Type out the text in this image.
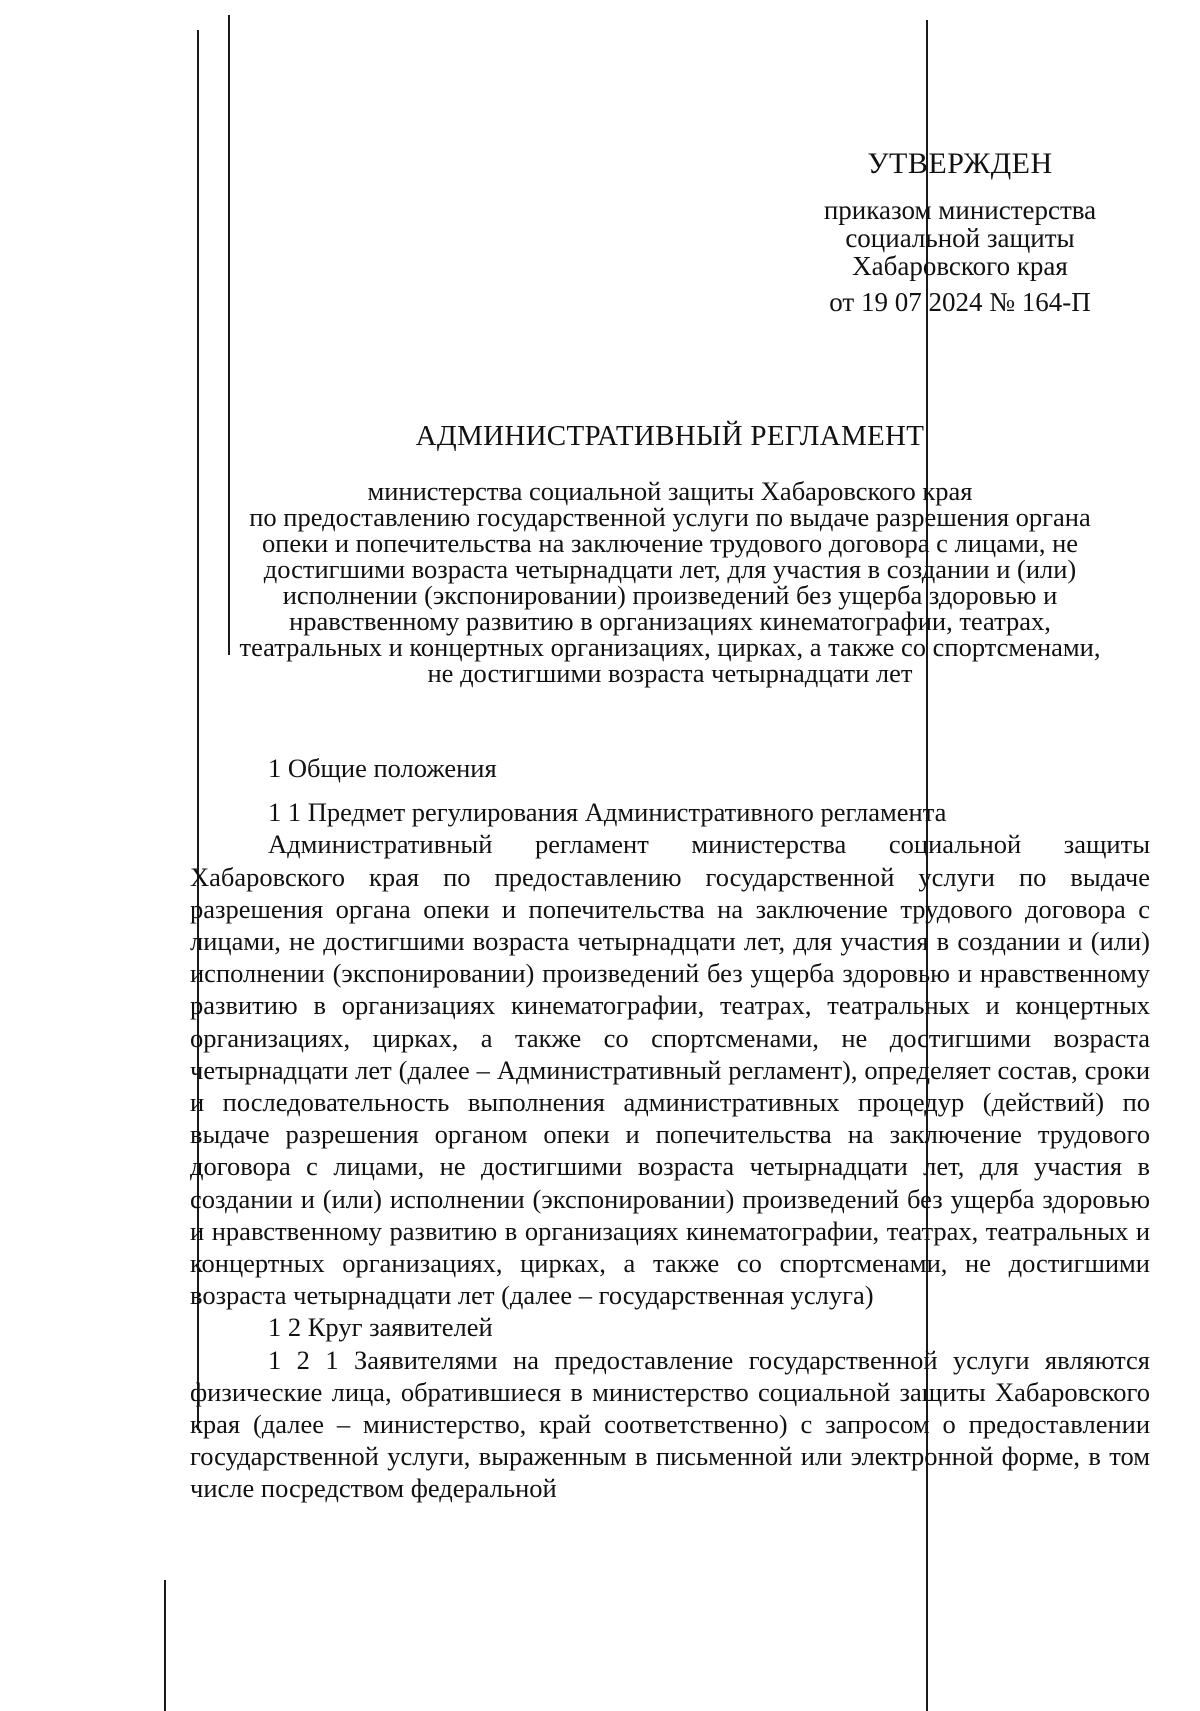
УТВЕРЖДЕН
приказом министерства
социальной защиты
Хабаровского края
от 19 07 2024 № 164-П
АДМИНИСТРАТИВНЫЙ РЕГЛАМЕНТ
министерства социальной защиты Хабаровского края
по предоставлению государственной услуги по выдаче разрешения органа
опеки и попечительства на заключение трудового договора с лицами, не
достигшими возраста четырнадцати лет, для участия в создании и (или)
исполнении (экспонировании) произведений без ущерба здоровью и
нравственному развитию в организациях кинематографии, театрах,
театральных и концертных организациях, цирках, а также со спортсменами,
не достигшими возраста четырнадцати лет

1 Общие положения

1 1 Предмет регулирования Административного регламента

Административный регламент министерства социальной защиты Хабаровского края по предоставлению государственной услуги по выдаче разрешения органа опеки и попечительства на заключение трудового договора с лицами, не достигшими возраста четырнадцати лет, для участия в создании и (или) исполнении (экспонировании) произведений без ущерба здоровью и нравственному развитию в организациях кинематографии, театрах, театральных и концертных организациях, цирках, а также со спортсменами, не достигшими возраста четырнадцати лет (далее – Административный регламент), определяет состав, сроки и последовательность выполнения административных процедур (действий) по выдаче разрешения органом опеки и попечительства на заключение трудового договора с лицами, не достигшими возраста четырнадцати лет, для участия в создании и (или) исполнении (экспонировании) произведений без ущерба здоровью и нравственному развитию в организациях кинематографии, театрах, театральных и концертных организациях, цирках, а также со спортсменами, не достигшими возраста четырнадцати лет (далее – государственная услуга)

1 2 Круг заявителей

1 2 1 Заявителями на предоставление государственной услуги являются физические лица, обратившиеся в министерство социальной защиты Хабаровского края (далее – министерство, край соответственно) с запросом о предоставлении государственной услуги, выраженным в письменной или электронной форме, в том числе посредством федеральной
